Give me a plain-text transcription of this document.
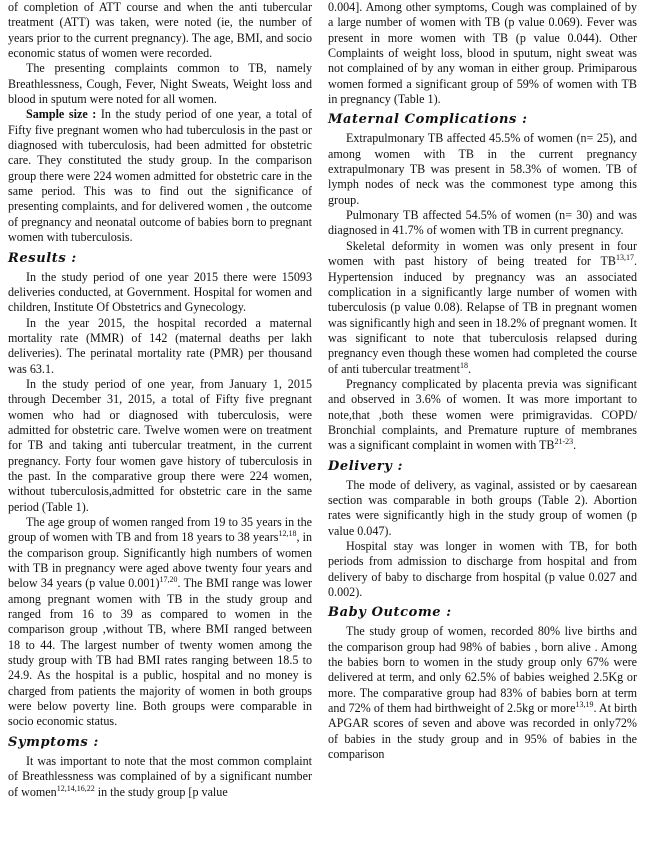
of completion of ATT course and when the anti tubercular treatment (ATT) was taken, were noted (ie, the number of years prior to the current pregnancy). The age, BMI, and socio economic status of women were recorded.

The presenting complaints common to TB, namely Breathlessness, Cough, Fever, Night Sweats, Weight loss and blood in sputum were noted for all women.

Sample size : In the study period of one year, a total of Fifty five pregnant women who had tuberculosis in the past or diagnosed with tuberculosis, had been admitted for obstetric care. They constituted the study group. In the comparison group there were 224 women admitted for obstetric care in the same period. This was to find out the significance of presenting complaints, and for delivered women , the outcome of pregnancy and neonatal outcome of babies born to pregnant women with tuberculosis.

Results :

In the study period of one year 2015 there were 15093 deliveries conducted, at Government. Hospital for women and children, Institute Of Obstetrics and Gynecology.

In the year 2015, the hospital recorded a maternal mortality rate (MMR) of 142 (maternal deaths per lakh deliveries). The perinatal mortality rate (PMR) per thousand was 63.1.

In the study period of one year, from January 1, 2015 through December 31, 2015, a total of Fifty five pregnant women who had or diagnosed with tuberculosis, were admitted for obstetric care. Twelve women were on treatment for TB and taking anti tubercular treatment, in the current pregnancy. Forty four women gave history of tuberculosis in the past. In the comparative group there were 224 women, without tuberculosis,admitted for obstetric care in the same period (Table 1).

The age group of women ranged from 19 to 35 years in the group of women with TB and from 18 years to 38 years$^{12,18}$, in the comparison group. Significantly high numbers of women with TB in pregnancy were aged above twenty four years and below 34 years (p value 0.001)$^{17,20}$. The BMI range was lower among pregnant women with TB in the study group and ranged from 16 to 39 as compared to women in the comparison group ,without TB, where BMI ranged between 18 to 44. The largest number of twenty women among the study group with TB had BMI rates ranging between 18.5 to 24.9. As the hospital is a public, hospital and no money is charged from patients the majority of women in both groups were below poverty line. Both groups were comparable in socio economic status.

Symptoms :

It was important to note that the most common complaint of Breathlessness was complained of by a significant number of women$^{12,14,16,22}$ in the study group [p value

0.004]. Among other symptoms, Cough was complained of by a large number of women with TB (p value 0.069). Fever was present in more women with TB (p value 0.044). Other Complaints of weight loss, blood in sputum, night sweat was not complained of by any woman in either group. Primiparous women formed a significant group of 59% of women with TB in pregnancy (Table 1).

Maternal Complications :

Extrapulmonary TB affected 45.5% of women (n= 25), and among women with TB in the current pregnancy extrapulmonary TB was present in 58.3% of women. TB of lymph nodes of neck was the commonest type among this group.

Pulmonary TB affected 54.5% of women (n= 30) and was diagnosed in 41.7% of women with TB in current pregnancy.

Skeletal deformity in women was only present in four women with past history of being treated for TB$^{13,17}$. Hypertension induced by pregnancy was an associated complication in a significantly large number of women with tuberculosis (p value 0.08). Relapse of TB in pregnant women was significantly high and seen in 18.2% of pregnant women. It was significant to note that tuberculosis relapsed during pregnancy even though these women had completed the course of anti tubercular treatment$^{18}$.

Pregnancy complicated by placenta previa was significant and observed in 3.6% of women. It was more important to note,that ,both these women were primigravidas. COPD/ Bronchial complaints, and Premature rupture of membranes was a significant complaint in women with TB$^{21-23}$.

Delivery :

The mode of delivery, as vaginal, assisted or by caesarean section was comparable in both groups (Table 2). Abortion rates were significantly high in the study group of women (p value 0.047).

Hospital stay was longer in women with TB, for both periods from admission to discharge from hospital and from delivery of baby to discharge from hospital (p value 0.027 and 0.002).

Baby Outcome :

The study group of women, recorded 80% live births and the comparison group had 98% of babies , born alive . Among the babies born to women in the study group only 67% were delivered at term, and only 62.5% of babies weighed 2.5Kg or more. The comparative group had 83% of babies born at term and 72% of them had birthweight of 2.5kg or more$^{13,19}$. At birth APGAR scores of seven and above was recorded in only72% of babies in the study group and in 95% of babies in the comparison
